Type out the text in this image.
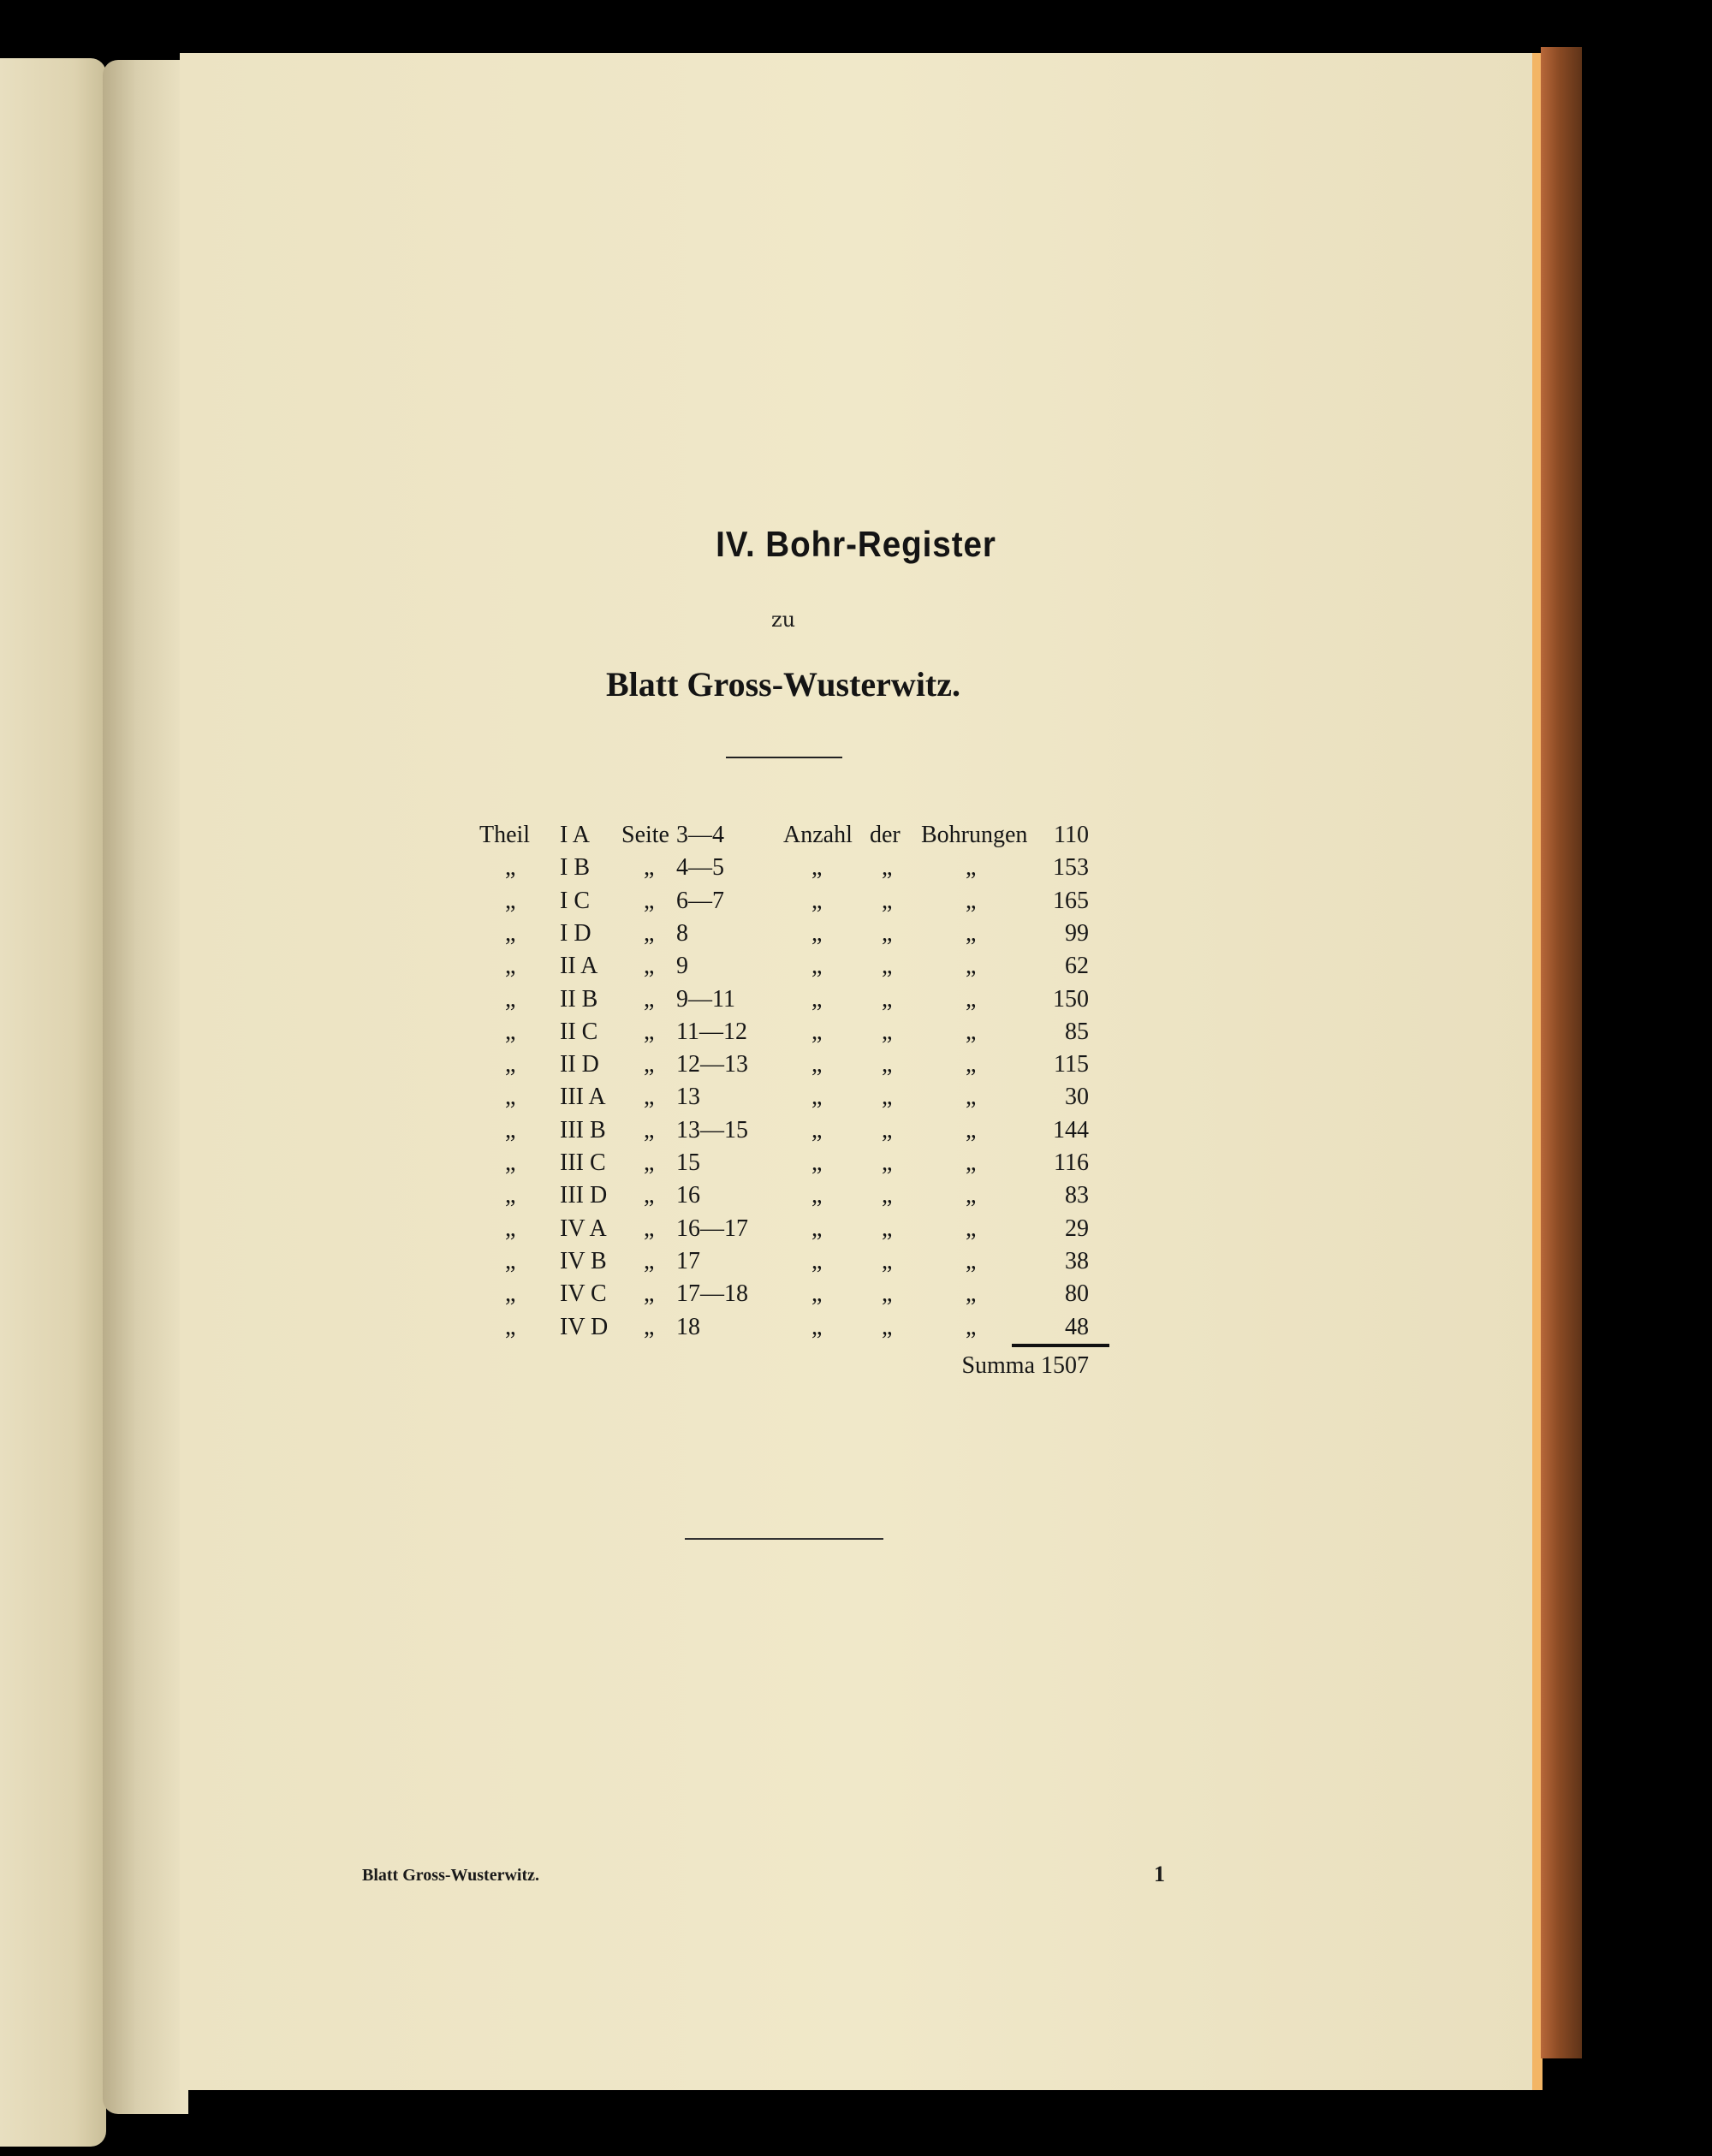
IV. Bohr-Register
zu
Blatt Gross-Wusterwitz.
Theil I A Seite 3—4 Anzahl der Bohrungen	110
„ I B „ 4—5	„ „	„	153
„ I C „ 6—7	„ „	„	165
„ I D „ 8	„ „	„	99
„ II A „ 9	„ „	„	62
„ II B „ 9—11	„ „	„	150
„ II C „ 11—12	„ „	„	85
„ II D „ 12—13	„ „	„	115
„ III A „ 13	„ „	„	30
„ III B „ 13—15	„ „	„	144
„ III C „ 15	„ „	„	116
„ III D „ 16	„ „	„	83
„ IV A „ 16—17	„ „	„	29
„ IV B „ 17	„ „	„	38
„ IV C „ 17—18	„ „	„	80
„ IV D „ 18	„ „	„	48
Summa 1507
Blatt Gross-Wusterwitz.	1
